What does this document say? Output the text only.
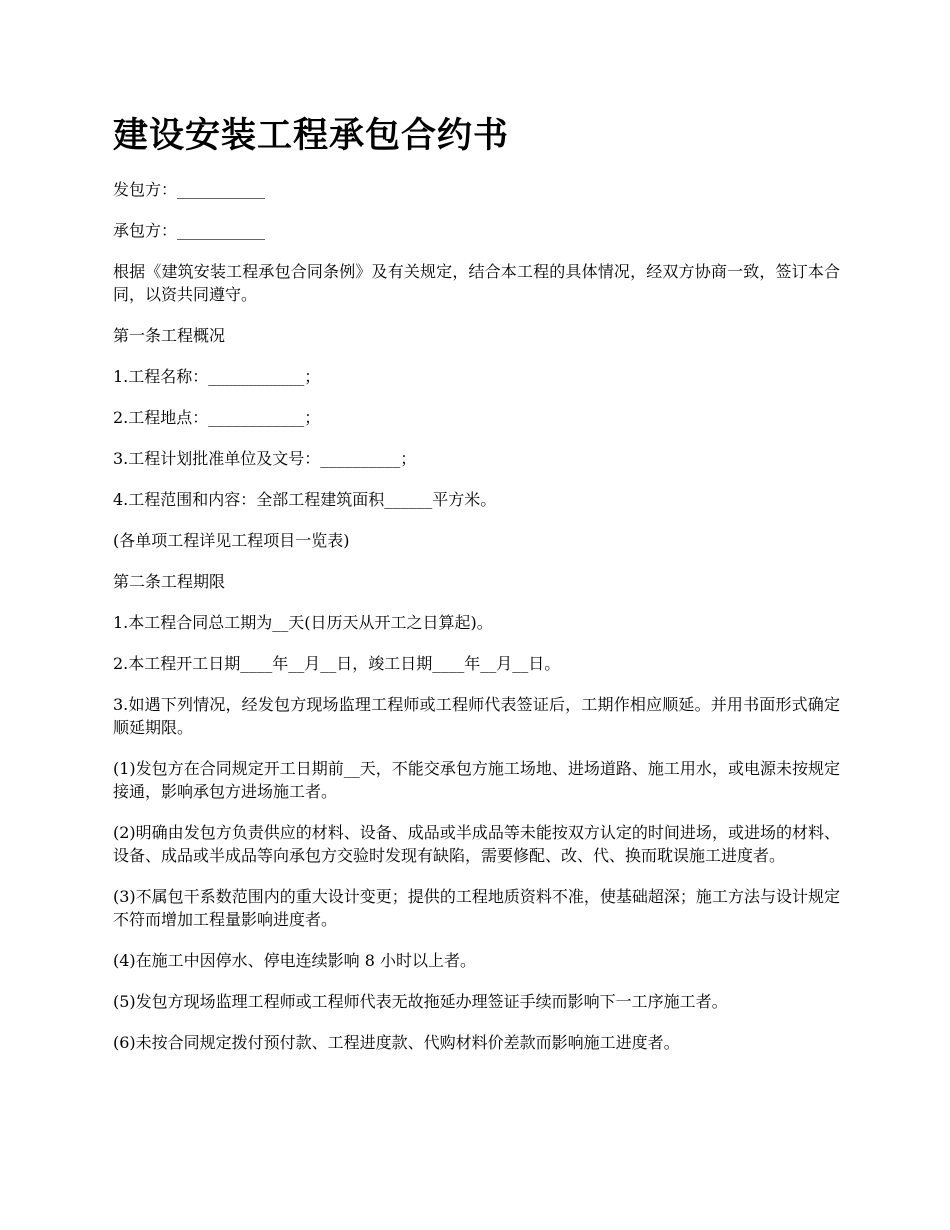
建设安装工程承包合约书

发包方：___________

承包方：___________

根据《建筑安装工程承包合同条例》及有关规定，结合本工程的具体情况，经双方协商一致，签订本合同，以资共同遵守。

第一条工程概况

1.工程名称：____________；

2.工程地点：____________；

3.工程计划批准单位及文号：__________；

4.工程范围和内容：全部工程建筑面积______平方米。

(各单项工程详见工程项目一览表)

第二条工程期限

1.本工程合同总工期为__天(日历天从开工之日算起)。

2.本工程开工日期____年__月__日，竣工日期____年__月__日。

3.如遇下列情况，经发包方现场监理工程师或工程师代表签证后，工期作相应顺延。并用书面形式确定顺延期限。

(1)发包方在合同规定开工日期前__天，不能交承包方施工场地、进场道路、施工用水，或电源未按规定接通，影响承包方进场施工者。

(2)明确由发包方负责供应的材料、设备、成品或半成品等未能按双方认定的时间进场，或进场的材料、设备、成品或半成品等向承包方交验时发现有缺陷，需要修配、改、代、换而耽误施工进度者。

(3)不属包干系数范围内的重大设计变更；提供的工程地质资料不准，使基础超深；施工方法与设计规定不符而增加工程量影响进度者。

(4)在施工中因停水、停电连续影响 8 小时以上者。

(5)发包方现场监理工程师或工程师代表无故拖延办理签证手续而影响下一工序施工者。

(6)未按合同规定拨付预付款、工程进度款、代购材料价差款而影响施工进度者。
